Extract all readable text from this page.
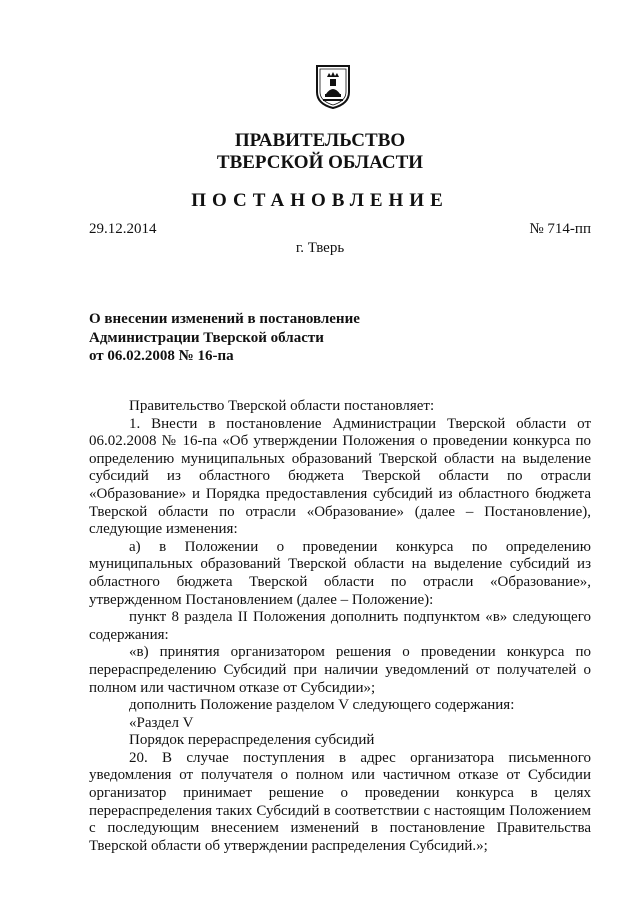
ПРАВИТЕЛЬСТВО
ТВЕРСКОЙ ОБЛАСТИ
ПОСТАНОВЛЕНИЕ
29.12.2014	№ 714-пп
г. Тверь
О внесении изменений в постановление
Администрации Тверской области
от 06.02.2008 № 16-па

Правительство Тверской области постановляет:

1. Внести в постановление Администрации Тверской области от 06.02.2008 № 16-па «Об утверждении Положения о проведении конкурса по определению муниципальных образований Тверской области на выделение субсидий из областного бюджета Тверской области по отрасли «Образование» и Порядка предоставления субсидий из областного бюджета Тверской области по отрасли «Образование» (далее – Постановление), следующие изменения:

а) в Положении о проведении конкурса по определению муниципальных образований Тверской области на выделение субсидий из областного бюджета Тверской области по отрасли «Образование», утвержденном Постановлением (далее – Положение):

пункт 8 раздела II Положения дополнить подпунктом «в» следующего содержания:

«в) принятия организатором решения о проведении конкурса по перераспределению Субсидий при наличии уведомлений от получателей о полном или частичном отказе от Субсидии»;

дополнить Положение разделом V следующего содержания:

«Раздел V

Порядок перераспределения субсидий

20. В случае поступления в адрес организатора письменного уведомления от получателя о полном или частичном отказе от Субсидии организатор принимает решение о проведении конкурса в целях перераспределения таких Субсидий в соответствии с настоящим Положением с последующим внесением изменений в постановление Правительства Тверской области об утверждении распределения Субсидий.»;
